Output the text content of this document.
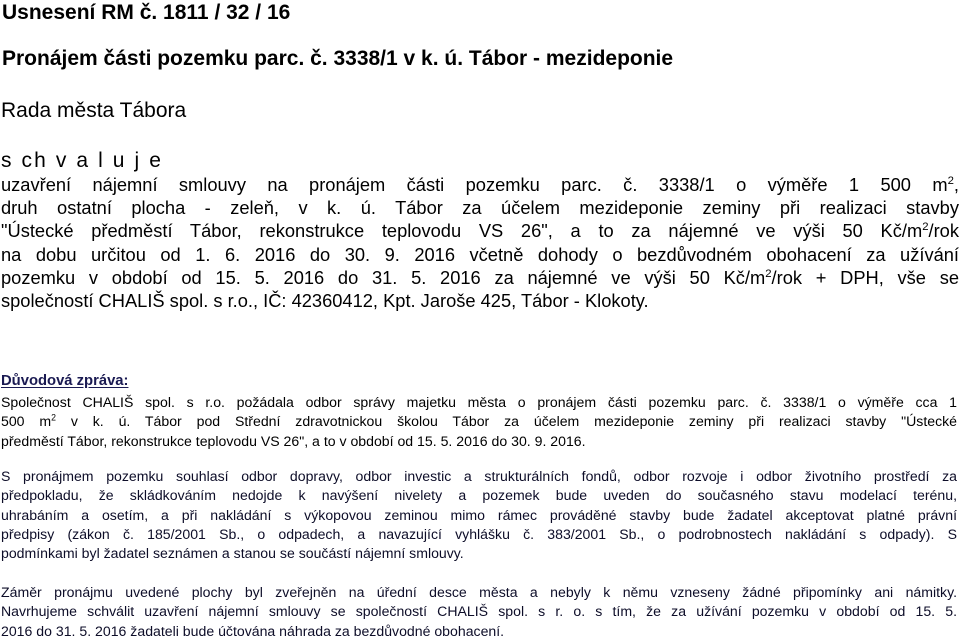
Usnesení RM č. 1811 / 32 / 16
Pronájem části pozemku parc. č. 3338/1 v k. ú. Tábor - mezideponie
Rada města Tábora
s ch v a l u j e

uzavření nájemní smlouvy na pronájem části pozemku parc. č. 3338/1 o výměře 1 500 $m^2$,
druh ostatní plocha - zeleň, v k. ú. Tábor za účelem mezideponie zeminy při realizaci stavby
"Ústecké předměstí Tábor, rekonstrukce teplovodu VS 26", a to za nájemné ve výši 50 $Kč/m^2$/rok
na dobu určitou od 1. 6. 2016 do 30. 9. 2016 včetně dohody o bezdůvodném obohacení za užívání
pozemku v období od 15. 5. 2016 do 31. 5. 2016 za nájemné ve výši 50 $Kč/m^2$/rok + DPH, vše se
společností CHALIŠ spol. s r.o., IČ: 42360412, Kpt. Jaroše 425, Tábor - Klokoty.

Důvodová zpráva:

Společnost CHALIŠ spol. s r.o. požádala odbor správy majetku města o pronájem části pozemku parc. č. 3338/1 o výměře cca 1
500 $m^2$ v k. ú. Tábor pod Střední zdravotnickou školou Tábor za účelem mezideponie zeminy při realizaci stavby "Ústecké
předměstí Tábor, rekonstrukce teplovodu VS 26", a to v období od 15. 5. 2016 do 30. 9. 2016.

S pronájmem pozemku souhlasí odbor dopravy, odbor investic a strukturálních fondů, odbor rozvoje i odbor životního prostředí za
předpokladu, že skládkováním nedojde k navýšení nivelety a pozemek bude uveden do současného stavu modelací terénu,
uhrabáním a osetím, a při nakládání s výkopovou zeminou mimo rámec prováděné stavby bude žadatel akceptovat platné právní
předpisy (zákon č. 185/2001 Sb., o odpadech, a navazující vyhlášku č. 383/2001 Sb., o podrobnostech nakládání s odpady). S
podmínkami byl žadatel seznámen a stanou se součástí nájemní smlouvy.

Záměr pronájmu uvedené plochy byl zveřejněn na úřední desce města a nebyly k němu vzneseny žádné připomínky ani námitky.
Navrhujeme schválit uzavření nájemní smlouvy se společností CHALIŠ spol. s r. o. s tím, že za užívání pozemku v období od 15. 5.
2016 do 31. 5. 2016 žadateli bude účtována náhrada za bezdůvodné obohacení.
